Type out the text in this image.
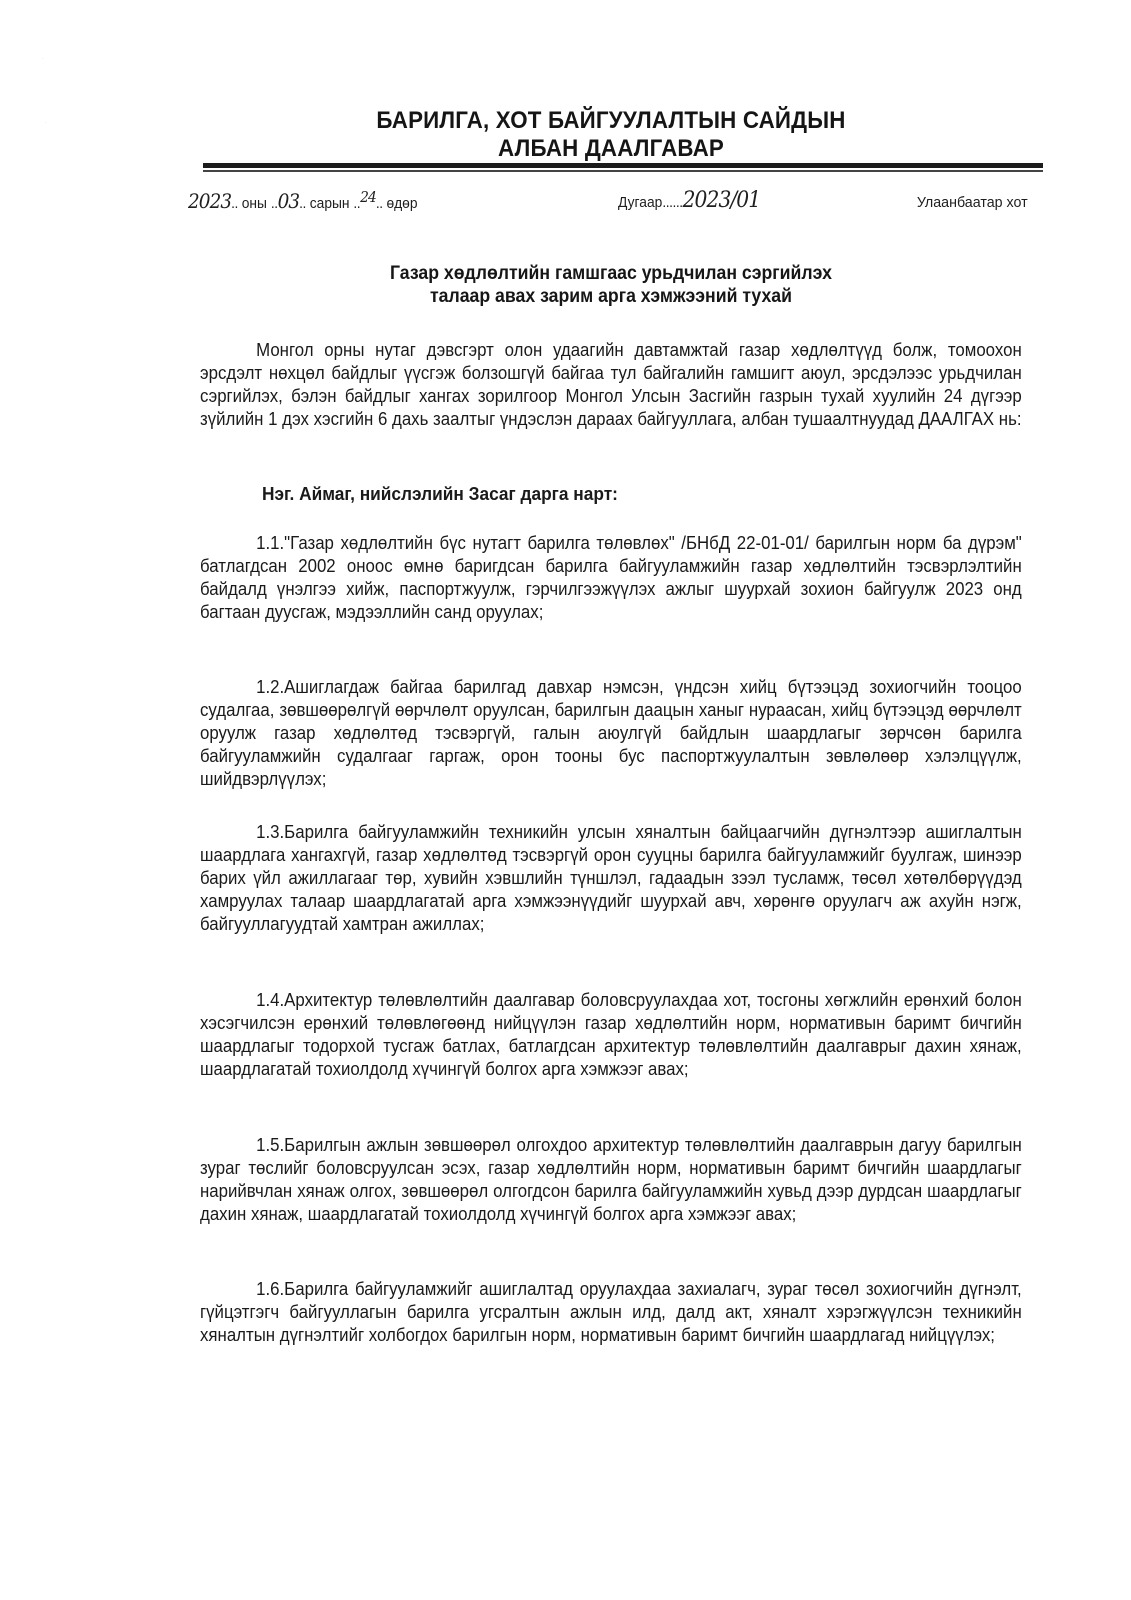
·
·	БАРИЛГА, ХОТ БАЙГУУЛАЛТЫН САЙДЫН
АЛБАН ДААЛГАВАР
2023.. оны ..03.. сарын ..24.. өдөр	Дугаар......2023/01	Улаанбаатар хот
Газар хөдлөлтийн гамшгаас урьдчилан сэргийлэх
талаар авах зарим арга хэмжээний тухай

Монгол орны нутаг дэвсгэрт олон удаагийн давтамжтай газар хөдлөлтүүд болж, томоохон эрсдэлт нөхцөл байдлыг үүсгэж болзошгүй байгаа тул байгалийн гамшигт аюул, эрсдэлээс урьдчилан сэргийлэх, бэлэн байдлыг хангах зорилгоор Монгол Улсын Засгийн газрын тухай хуулийн 24 дүгээр зүйлийн 1 дэх хэсгийн 6 дахь заалтыг үндэслэн дараах байгууллага, албан тушаалтнуудад ДААЛГАХ нь:

Нэг. Аймаг, нийслэлийн Засаг дарга нарт:

1.1."Газар хөдлөлтийн бүс нутагт барилга төлөвлөх" /БНбД 22-01-01/ барилгын норм ба дүрэм" батлагдсан 2002 оноос өмнө баригдсан барилга байгууламжийн газар хөдлөлтийн тэсвэрлэлтийн байдалд үнэлгээ хийж, паспортжуулж, гэрчилгээжүүлэх ажлыг шуурхай зохион байгуулж 2023 онд багтаан дуусгаж, мэдээллийн санд оруулах;

1.2.Ашиглагдаж байгаа барилгад давхар нэмсэн, үндсэн хийц бүтээцэд зохиогчийн тооцоо судалгаа, зөвшөөрөлгүй өөрчлөлт оруулсан, барилгын даацын ханыг нураасан, хийц бүтээцэд өөрчлөлт оруулж газар хөдлөлтөд тэсвэргүй, галын аюулгүй байдлын шаардлагыг зөрчсөн барилга байгууламжийн судалгааг гаргаж, орон тооны бус паспортжуулалтын зөвлөлөөр хэлэлцүүлж, шийдвэрлүүлэх;

1.3.Барилга байгууламжийн техникийн улсын хяналтын байцаагчийн дүгнэлтээр ашиглалтын шаардлага хангахгүй, газар хөдлөлтөд тэсвэргүй орон сууцны барилга байгууламжийг буулгаж, шинээр барих үйл ажиллагааг төр, хувийн хэвшлийн түншлэл, гадаадын зээл тусламж, төсөл хөтөлбөрүүдэд хамруулах талаар шаардлагатай арга хэмжээнүүдийг шуурхай авч, хөрөнгө оруулагч аж ахуйн нэгж, байгууллагуудтай хамтран ажиллах;

1.4.Архитектур төлөвлөлтийн даалгавар боловсруулахдаа хот, тосгоны хөгжлийн ерөнхий болон хэсэгчилсэн ерөнхий төлөвлөгөөнд нийцүүлэн газар хөдлөлтийн норм, нормативын баримт бичгийн шаардлагыг тодорхой тусгаж батлах, батлагдсан архитектур төлөвлөлтийн даалгаврыг дахин хянаж, шаардлагатай тохиолдолд хүчингүй болгох арга хэмжээг авах;

1.5.Барилгын ажлын зөвшөөрөл олгохдоо архитектур төлөвлөлтийн даалгаврын дагуу барилгын зураг төслийг боловсруулсан эсэх, газар хөдлөлтийн норм, нормативын баримт бичгийн шаардлагыг нарийвчлан хянаж олгох, зөвшөөрөл олгогдсон барилга байгууламжийн хувьд дээр дурдсан шаардлагыг дахин хянаж, шаардлагатай тохиолдолд хүчингүй болгох арга хэмжээг авах;

1.6.Барилга байгууламжийг ашиглалтад оруулахдаа захиалагч, зураг төсөл зохиогчийн дүгнэлт, гүйцэтгэгч байгууллагын барилга угсралтын ажлын илд, далд акт, хяналт хэрэгжүүлсэн техникийн хяналтын дүгнэлтийг холбогдох барилгын норм, нормативын баримт бичгийн шаардлагад нийцүүлэх;
